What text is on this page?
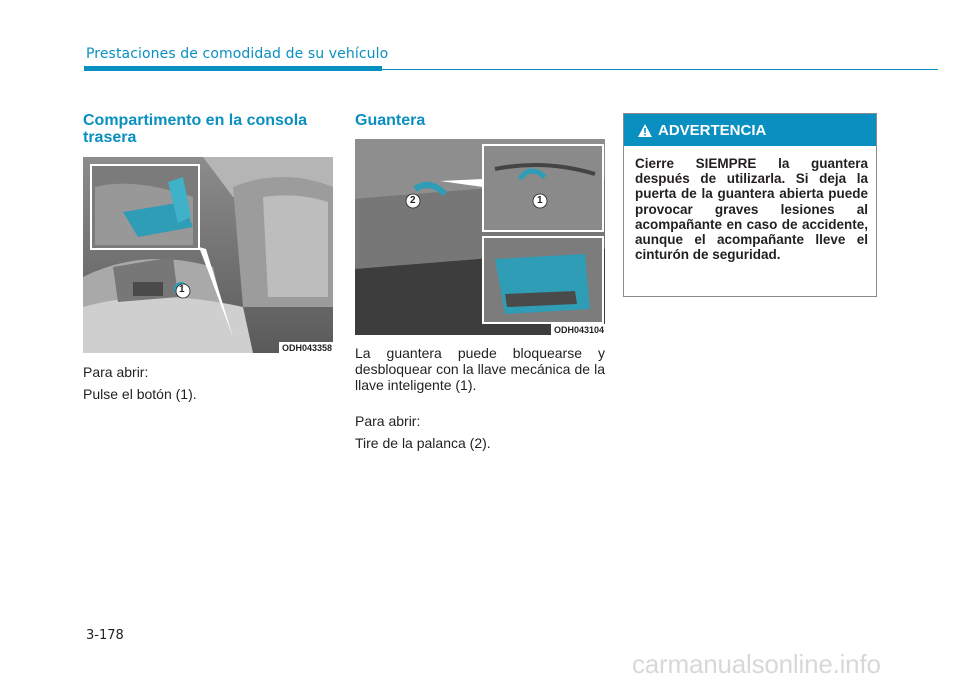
Prestaciones de comodidad de su vehículo
Compartimento en la consola trasera
1
ODH043358

Para abrir:

Pulse el botón (1).

Guantera
2	1
ODH043104

La guantera puede bloquearse y desbloquear con la llave mecánica de la llave inteligente (1).

Para abrir:

Tire de la palanca (2).

ADVERTENCIA

Cierre SIEMPRE la guantera después de utilizarla. Si deja la puerta de la guantera abierta puede provocar graves lesiones al acompañante en caso de accidente, aunque el acompañante lleve el cinturón de seguridad.

3-178
carmanualsonline.info
